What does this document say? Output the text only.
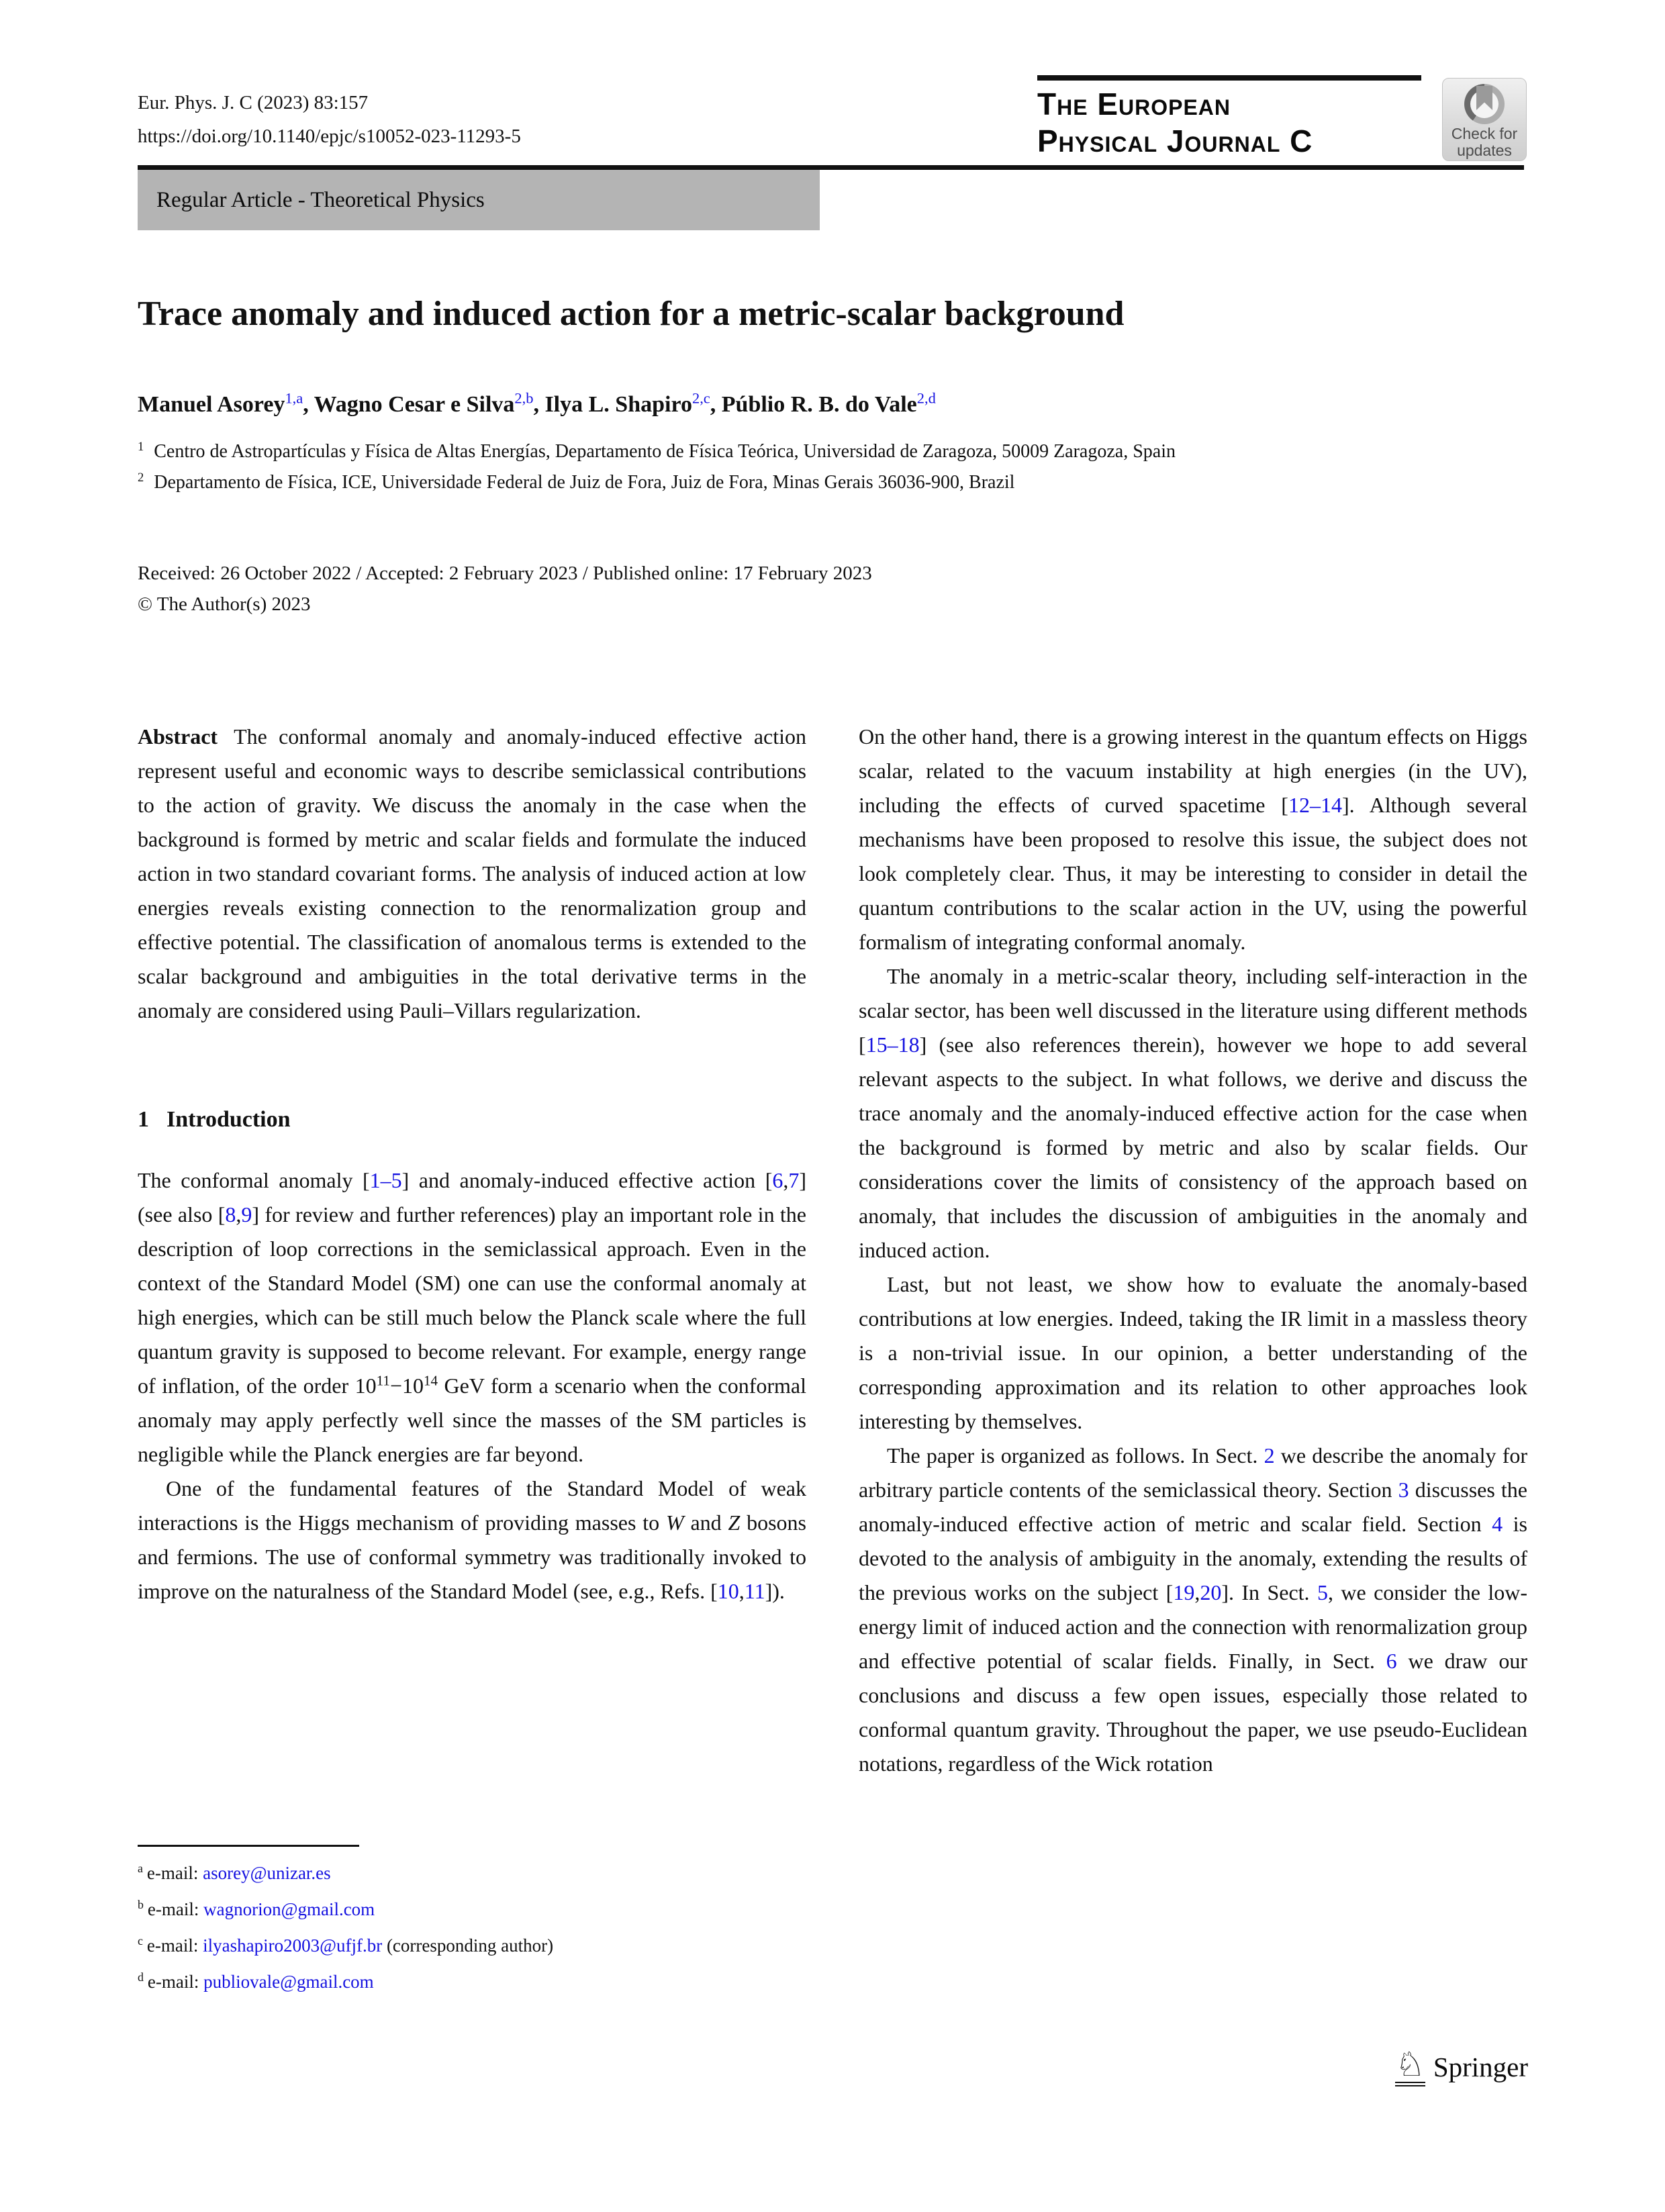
Eur. Phys. J. C (2023) 83:157
https://doi.org/10.1140/epjc/s10052-023-11293-5
The European
Physical Journal C	Check for
updates
Regular Article - Theoretical Physics
Trace anomaly and induced action for a metric-scalar background
Manuel Asorey$^{1,a}$, Wagno Cesar e Silva$^{2,b}$, Ilya L. Shapiro$^{2,c}$, Públio R. B. do Vale$^{2,d}$
$^1$ Centro de Astropartículas y Física de Altas Energías, Departamento de Física Teórica, Universidad de Zaragoza, 50009 Zaragoza, Spain
$^2$ Departamento de Física, ICE, Universidade Federal de Juiz de Fora, Juiz de Fora, Minas Gerais 36036-900, Brazil
Received: 26 October 2022 / Accepted: 2 February 2023 / Published online: 17 February 2023
© The Author(s) 2023

Abstract The conformal anomaly and anomaly-induced effective action represent useful and economic ways to describe semiclassical contributions to the action of gravity. We discuss the anomaly in the case when the background is formed by metric and scalar fields and formulate the induced action in two standard covariant forms. The analysis of induced action at low energies reveals existing connection to the renormalization group and effective potential. The classification of anomalous terms is extended to the scalar background and ambiguities in the total derivative terms in the anomaly are considered using Pauli–Villars regularization.

1 Introduction

The conformal anomaly [1–5] and anomaly-induced effective action [6,7] (see also [8,9] for review and further references) play an important role in the description of loop corrections in the semiclassical approach. Even in the context of the Standard Model (SM) one can use the conformal anomaly at high energies, which can be still much below the Planck scale where the full quantum gravity is supposed to become relevant. For example, energy range of inflation, of the order $10^{11}-10^{14}$ GeV form a scenario when the conformal anomaly may apply perfectly well since the masses of the SM particles is negligible while the Planck energies are far beyond.

One of the fundamental features of the Standard Model of weak interactions is the Higgs mechanism of providing masses to W and Z bosons and fermions. The use of conformal symmetry was traditionally invoked to improve on the naturalness of the Standard Model (see, e.g., Refs. [10,11]).

On the other hand, there is a growing interest in the quantum effects on Higgs scalar, related to the vacuum instability at high energies (in the UV), including the effects of curved spacetime [12–14]. Although several mechanisms have been proposed to resolve this issue, the subject does not look completely clear. Thus, it may be interesting to consider in detail the quantum contributions to the scalar action in the UV, using the powerful formalism of integrating conformal anomaly.

The anomaly in a metric-scalar theory, including self-interaction in the scalar sector, has been well discussed in the literature using different methods [15–18] (see also references therein), however we hope to add several relevant aspects to the subject. In what follows, we derive and discuss the trace anomaly and the anomaly-induced effective action for the case when the background is formed by metric and also by scalar fields. Our considerations cover the limits of consistency of the approach based on anomaly, that includes the discussion of ambiguities in the anomaly and induced action.

Last, but not least, we show how to evaluate the anomaly-based contributions at low energies. Indeed, taking the IR limit in a massless theory is a non-trivial issue. In our opinion, a better understanding of the corresponding approximation and its relation to other approaches look interesting by themselves.

The paper is organized as follows. In Sect. 2 we describe the anomaly for arbitrary particle contents of the semiclassical theory. Section 3 discusses the anomaly-induced effective action of metric and scalar field. Section 4 is devoted to the analysis of ambiguity in the anomaly, extending the results of the previous works on the subject [19,20]. In Sect. 5, we consider the low-energy limit of induced action and the connection with renormalization group and effective potential of scalar fields. Finally, in Sect. 6 we draw our conclusions and discuss a few open issues, especially those related to conformal quantum gravity. Throughout the paper, we use pseudo-Euclidean notations, regardless of the Wick rotation

$^a$ e-mail: asorey@unizar.es
$^b$ e-mail: wagnorion@gmail.com
$^c$ e-mail: ilyashapiro2003@ufjf.br (corresponding author)
$^d$ e-mail: publiovale@gmail.com
♘ Springer
